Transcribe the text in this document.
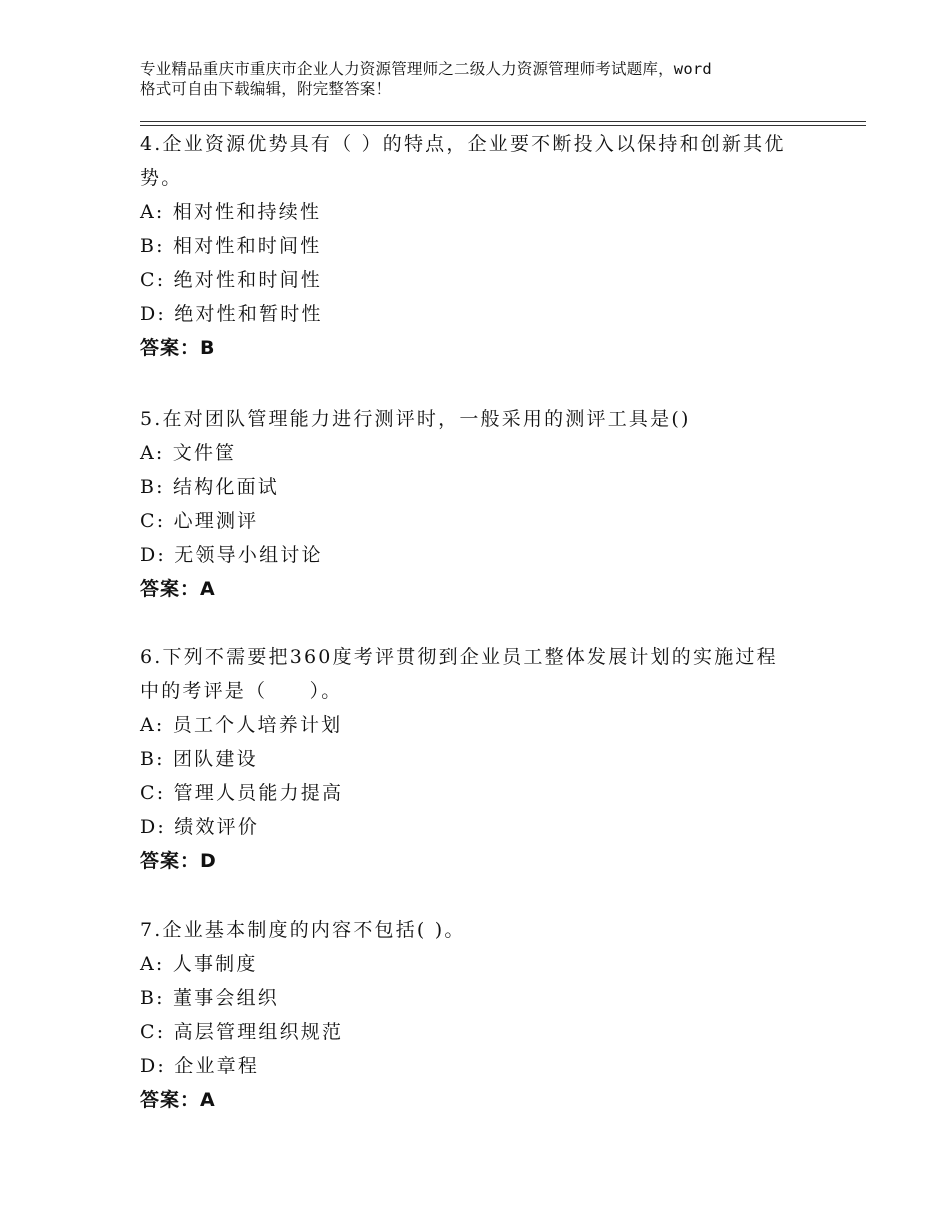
专业精品重庆市重庆市企业人力资源管理师之二级人力资源管理师考试题库，word
格式可自由下载编辑，附完整答案！

4.企业资源优势具有（ ）的特点，企业要不断投入以保持和创新其优

势。

A: 相对性和持续性

B: 相对性和时间性

C: 绝对性和时间性

D: 绝对性和暂时性

答案：B

5.在对团队管理能力进行测评时，一般采用的测评工具是()

A: 文件筐

B: 结构化面试

C: 心理测评

D: 无领导小组讨论

答案：A

6.下列不需要把360度考评贯彻到企业员工整体发展计划的实施过程

中的考评是（　　）。

A: 员工个人培养计划

B: 团队建设

C: 管理人员能力提高

D: 绩效评价

答案：D

7.企业基本制度的内容不包括( )。

A: 人事制度

B: 董事会组织

C: 高层管理组织规范

D: 企业章程

答案：A
